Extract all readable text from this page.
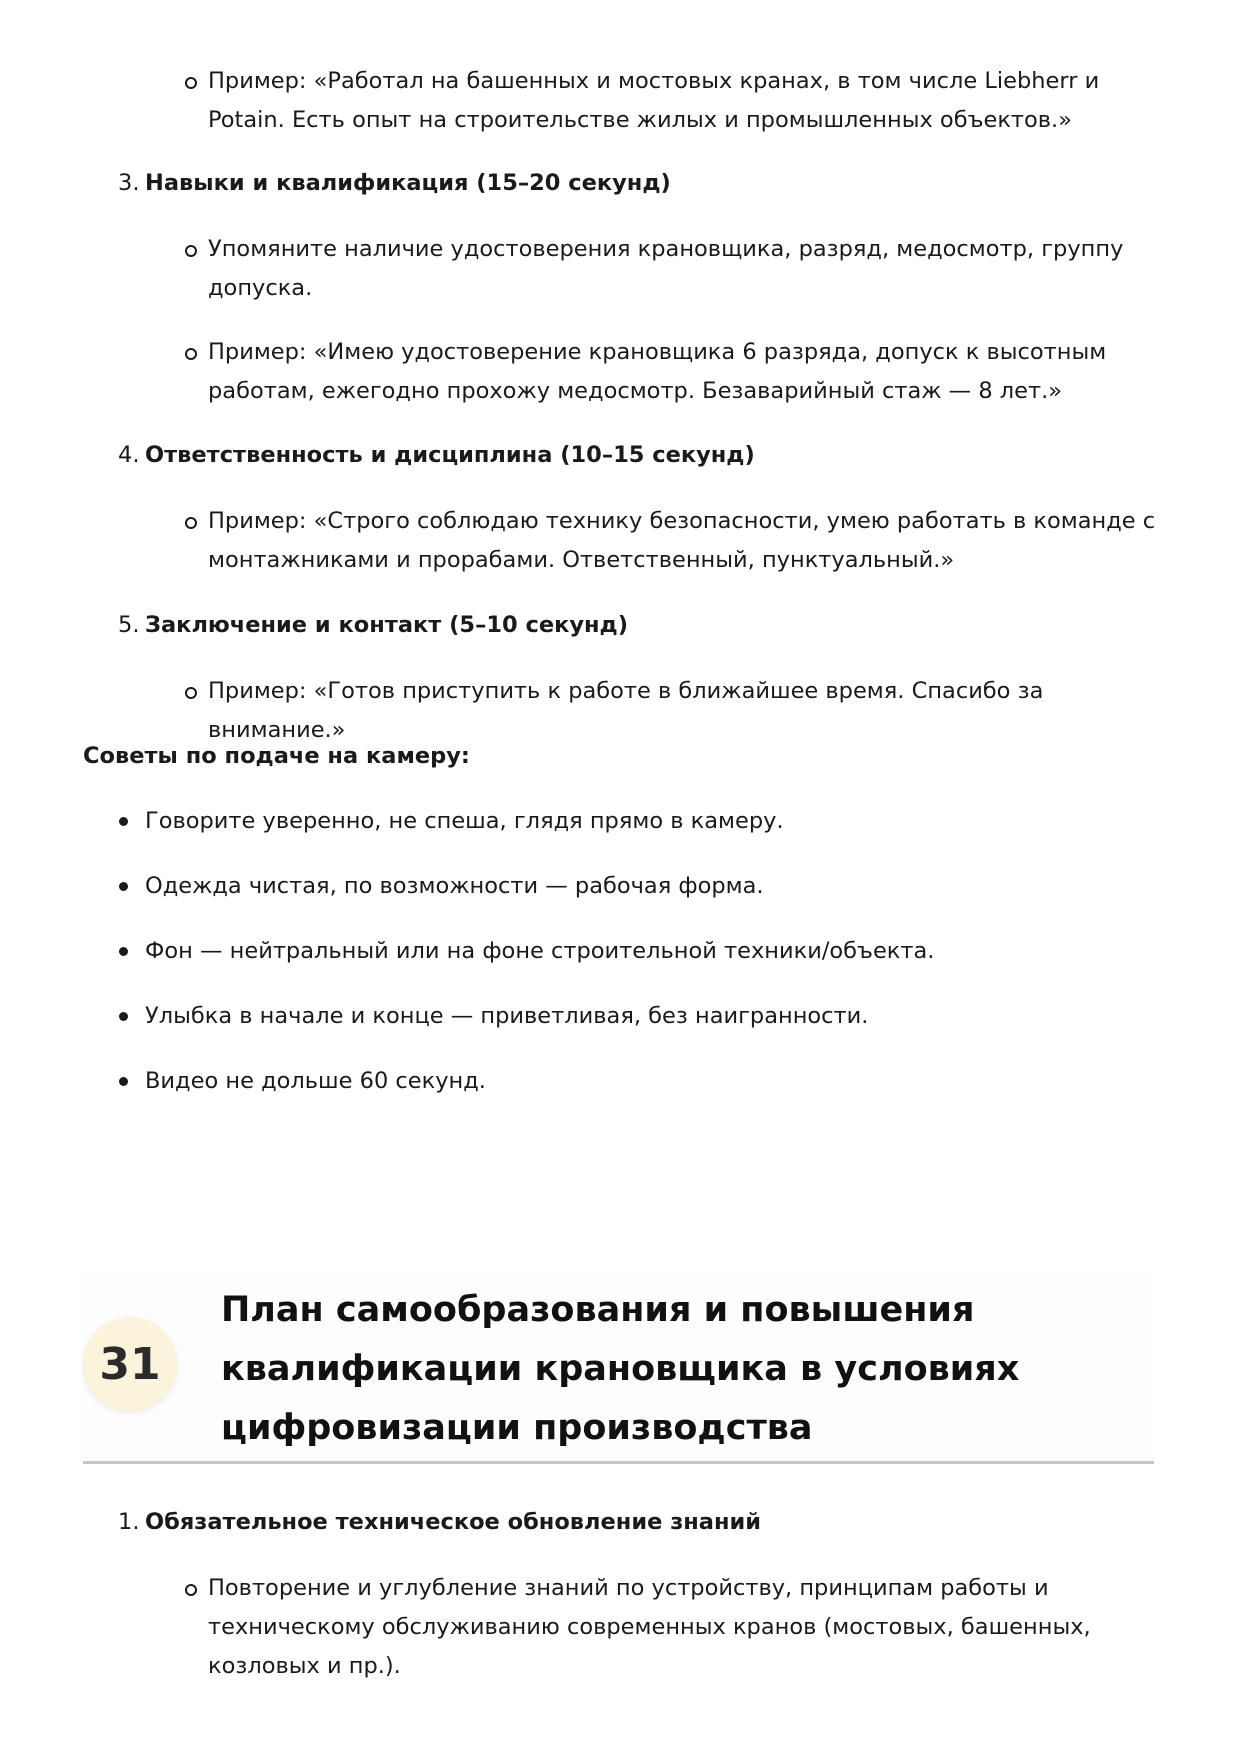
Пример: «Работал на башенных и мостовых кранах, в том числе Liebherr и Potain. Есть опыт на строительстве жилых и промышленных объектов.»
3. Навыки и квалификация (15–20 секунд)
Упомяните наличие удостоверения крановщика, разряд, медосмотр, группу допуска.
Пример: «Имею удостоверение крановщика 6 разряда, допуск к высотным работам, ежегодно прохожу медосмотр. Безаварийный стаж — 8 лет.»
4. Ответственность и дисциплина (10–15 секунд)
Пример: «Строго соблюдаю технику безопасности, умею работать в команде с монтажниками и прорабами. Ответственный, пунктуальный.»
5. Заключение и контакт (5–10 секунд)
Пример: «Готов приступить к работе в ближайшее время. Спасибо за внимание.»
Советы по подаче на камеру:
Говорите уверенно, не спеша, глядя прямо в камеру.
Одежда чистая, по возможности — рабочая форма.
Фон — нейтральный или на фоне строительной техники/объекта.
Улыбка в начале и конце — приветливая, без наигранности.
Видео не дольше 60 секунд.
31
План самообразования и повышения квалификации крановщика в условиях цифровизации производства
1. Обязательное техническое обновление знаний
Повторение и углубление знаний по устройству, принципам работы и техническому обслуживанию современных кранов (мостовых, башенных, козловых и пр.).
